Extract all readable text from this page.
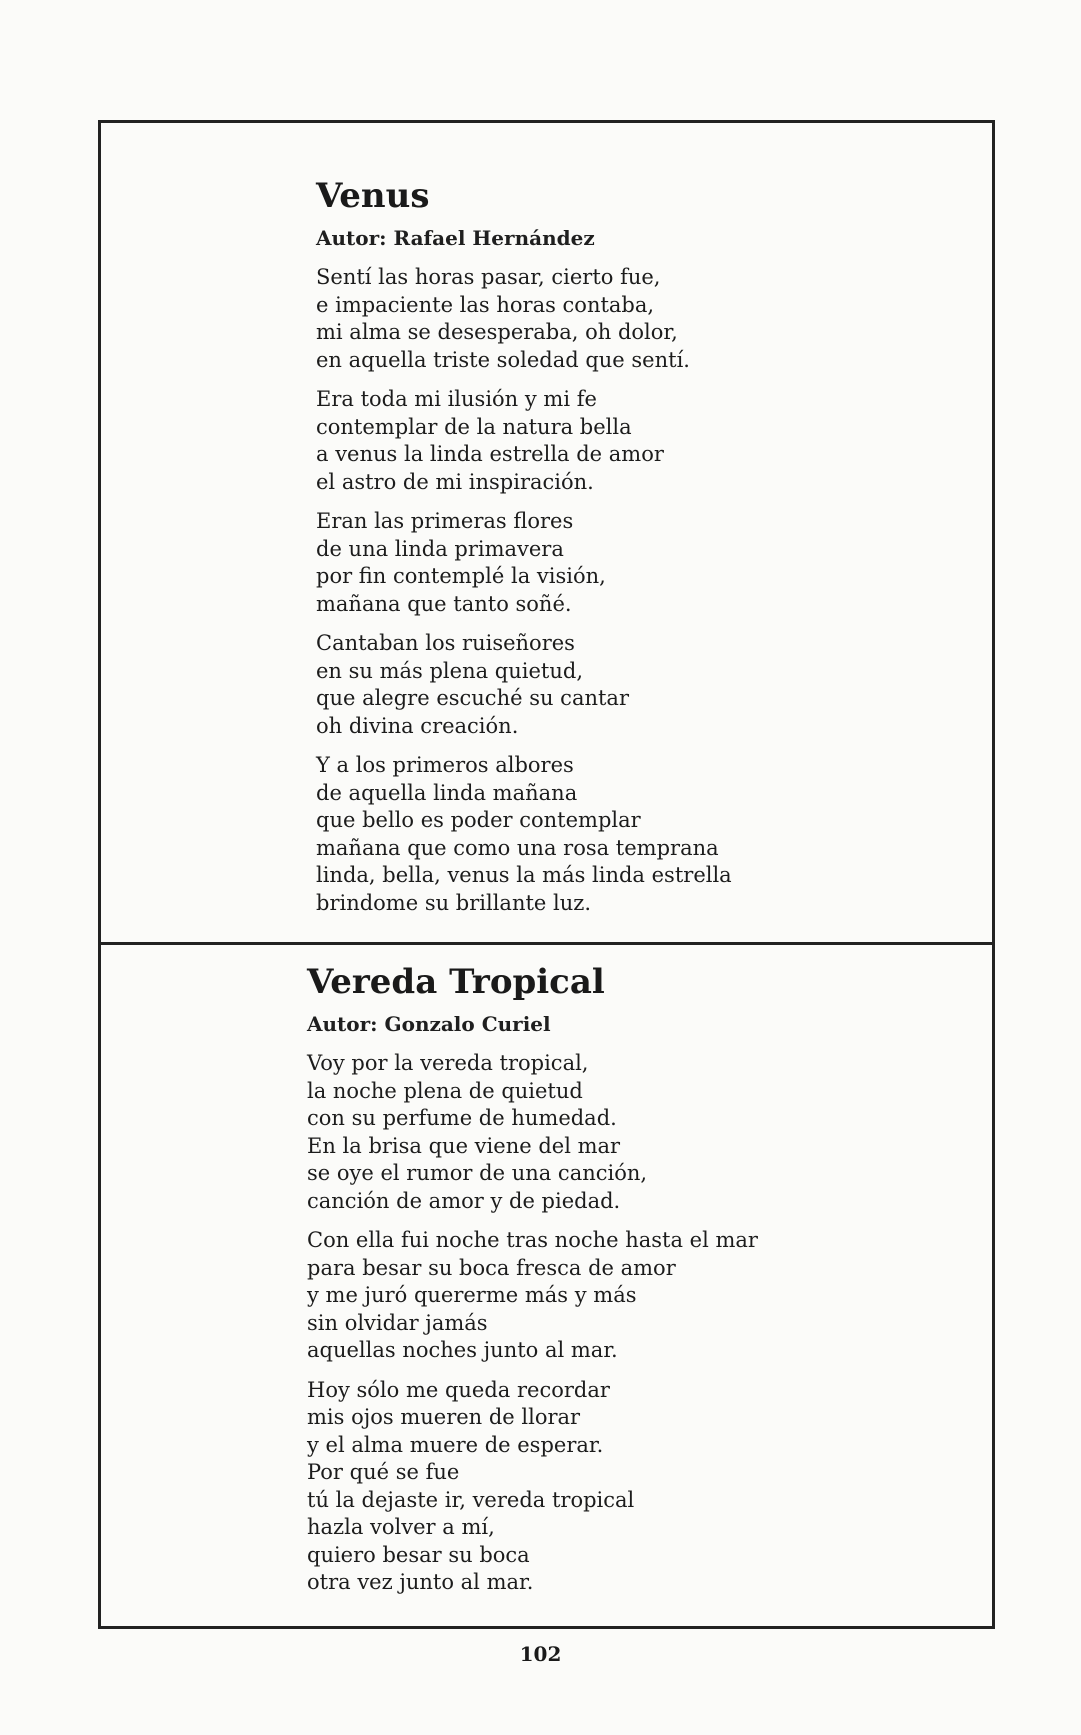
Venus
Autor: Rafael Hernández
Sentí las horas pasar, cierto fue,
e impaciente las horas contaba,
mi alma se desesperaba, oh dolor,
en aquella triste soledad que sentí.
Era toda mi ilusión y mi fe
contemplar de la natura bella
a venus la linda estrella de amor
el astro de mi inspiración.
Eran las primeras flores
de una linda primavera
por fin contemplé la visión,
mañana que tanto soñé.
Cantaban los ruiseñores
en su más plena quietud,
que alegre escuché su cantar
oh divina creación.
Y a los primeros albores
de aquella linda mañana
que bello es poder contemplar
mañana que como una rosa temprana
linda, bella, venus la más linda estrella
brindome su brillante luz.
Vereda Tropical
Autor: Gonzalo Curiel
Voy por la vereda tropical,
la noche plena de quietud
con su perfume de humedad.
En la brisa que viene del mar
se oye el rumor de una canción,
canción de amor y de piedad.
Con ella fui noche tras noche hasta el mar
para besar su boca fresca de amor
y me juró quererme más y más
sin olvidar jamás
aquellas noches junto al mar.
Hoy sólo me queda recordar
mis ojos mueren de llorar
y el alma muere de esperar.
Por qué se fue
tú la dejaste ir, vereda tropical
hazla volver a mí,
quiero besar su boca
otra vez junto al mar.
102
